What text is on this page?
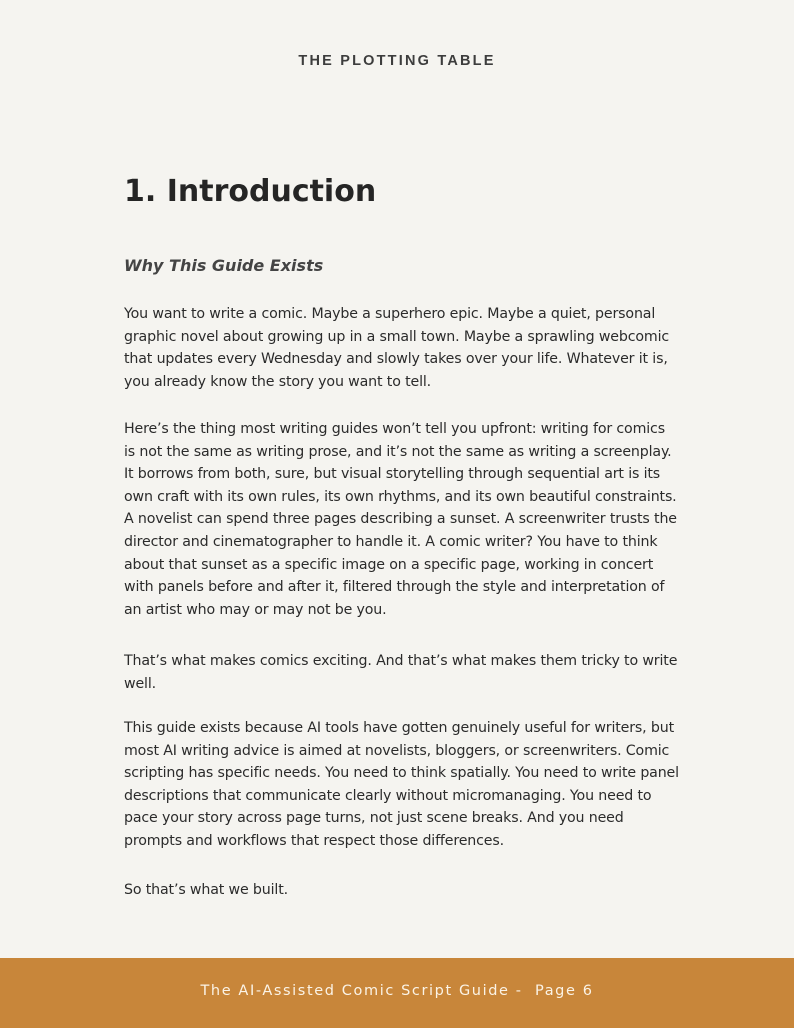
THE PLOTTING TABLE
1. Introduction
Why This Guide Exists

You want to write a comic. Maybe a superhero epic. Maybe a quiet, personal graphic novel about growing up in a small town. Maybe a sprawling webcomic that updates every Wednesday and slowly takes over your life. Whatever it is, you already know the story you want to tell.

Here’s the thing most writing guides won’t tell you upfront: writing for comics is not the same as writing prose, and it’s not the same as writing a screenplay. It borrows from both, sure, but visual storytelling through sequential art is its own craft with its own rules, its own rhythms, and its own beautiful constraints. A novelist can spend three pages describing a sunset. A screenwriter trusts the director and cinematographer to handle it. A comic writer? You have to think about that sunset as a specific image on a specific page, working in concert with panels before and after it, filtered through the style and interpretation of an artist who may or may not be you.

That’s what makes comics exciting. And that’s what makes them tricky to write well.

This guide exists because AI tools have gotten genuinely useful for writers, but most AI writing advice is aimed at novelists, bloggers, or screenwriters. Comic scripting has specific needs. You need to think spatially. You need to write panel descriptions that communicate clearly without micromanaging. You need to pace your story across page turns, not just scene breaks. And you need prompts and workflows that respect those differences.

So that’s what we built.

The AI-Assisted Comic Script Guide -  Page 6
